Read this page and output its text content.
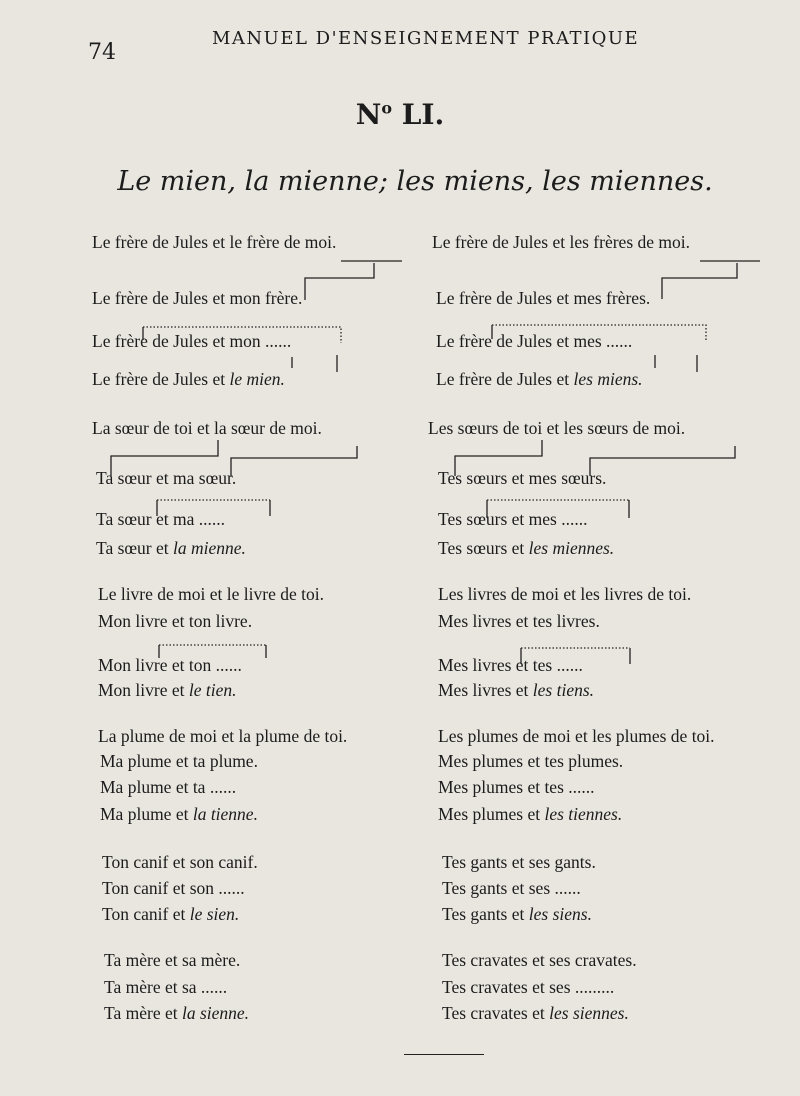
74
MANUEL D'ENSEIGNEMENT PRATIQUE
$N^o$ LI.
Le mien, la mienne; les miens, les miennes.
Le frère de Jules et le frère de moi.
Le frère de Jules et mon frère.
Le frère de Jules et mon ......
Le frère de Jules et le mien.
La sœur de toi et la sœur de moi.
Ta sœur et ma sœur.
Ta sœur et ma ......
Ta sœur et la mienne.
Le livre de moi et le livre de toi.
Mon livre et ton livre.
Mon livre et ton ......
Mon livre et le tien.
La plume de moi et la plume de toi.
Ma plume et ta plume.
Ma plume et ta ......
Ma plume et la tienne.
Ton canif et son canif.
Ton canif et son ......
Ton canif et le sien.
Ta mère et sa mère.
Ta mère et sa ......
Ta mère et la sienne.
Le frère de Jules et les frères de moi.
Le frère de Jules et mes frères.
Le frère de Jules et mes ......
Le frère de Jules et les miens.
Les sœurs de toi et les sœurs de moi.
Tes sœurs et mes sœurs.
Tes sœurs et mes ......
Tes sœurs et les miennes.
Les livres de moi et les livres de toi.
Mes livres et tes livres.
Mes livres et tes ......
Mes livres et les tiens.
Les plumes de moi et les plumes de toi.
Mes plumes et tes plumes.
Mes plumes et tes ......
Mes plumes et les tiennes.
Tes gants et ses gants.
Tes gants et ses ......
Tes gants et les siens.
Tes cravates et ses cravates.
Tes cravates et ses .........
Tes cravates et les siennes.
